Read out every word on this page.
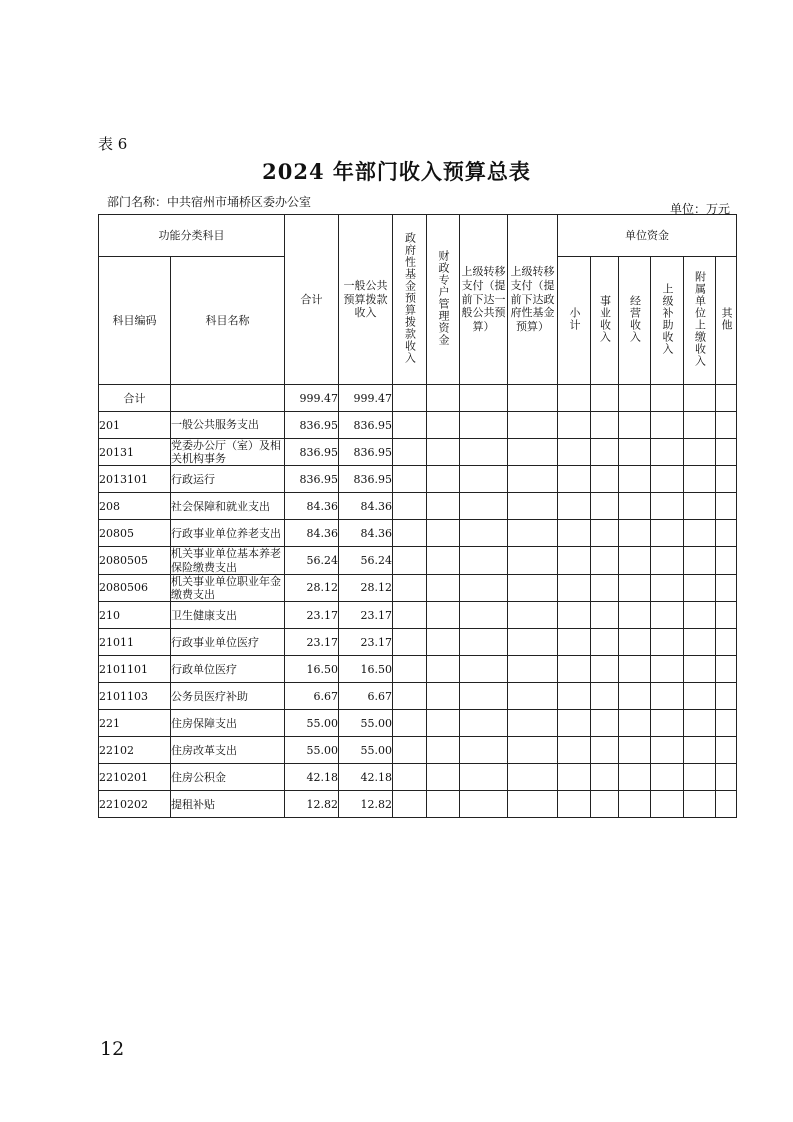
表 6
2024 年部门收入预算总表
部门名称：中共宿州市埇桥区委办公室	单位：万元
功能分类科目		合计	一般公共预算拨款收入	政府性基金预算拨款收入	财政专户管理资金	上级转移支付（提前下达一般公共预算）	上级转移支付（提前下达政府性基金预算）	单位资金					
科目编码	科目名称							小计	事业收入	经营收入	上级补助收入	附属单位上缴收入	其他
合计		999.47	999.47										
201	一般公共服务支出	836.95	836.95										
20131	党委办公厅（室）及相关机构事务	836.95	836.95										
2013101	行政运行	836.95	836.95										
208	社会保障和就业支出	84.36	84.36										
20805	行政事业单位养老支出	84.36	84.36										
2080505	机关事业单位基本养老保险缴费支出	56.24	56.24										
2080506	机关事业单位职业年金缴费支出	28.12	28.12										
210	卫生健康支出	23.17	23.17										
21011	行政事业单位医疗	23.17	23.17										
2101101	行政单位医疗	16.50	16.50										
2101103	公务员医疗补助	6.67	6.67										
221	住房保障支出	55.00	55.00										
22102	住房改革支出	55.00	55.00										
2210201	住房公积金	42.18	42.18										
2210202	提租补贴	12.82	12.82										
12
